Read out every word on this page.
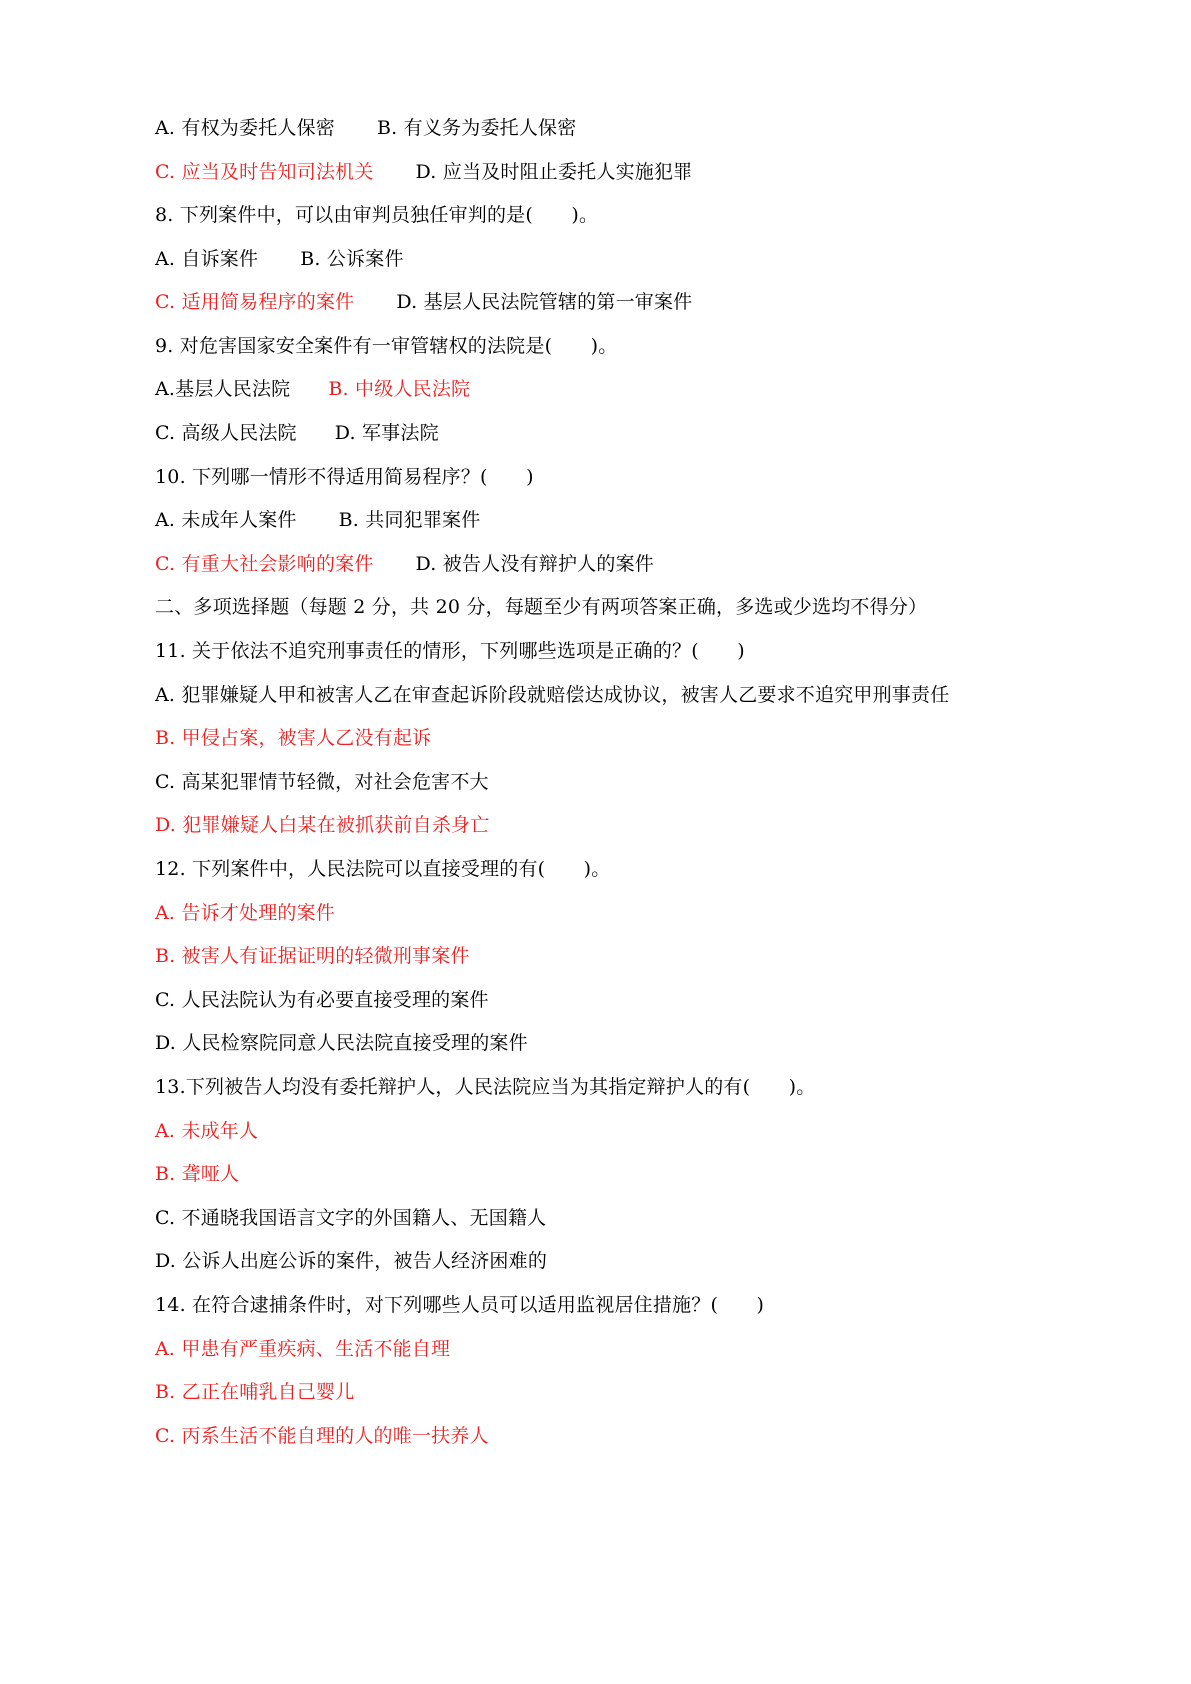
A. 有权为委托人保密 B. 有义务为委托人保密
C. 应当及时告知司法机关 D. 应当及时阻止委托人实施犯罪
8. 下列案件中，可以由审判员独任审判的是(　　)。
A. 自诉案件 B. 公诉案件
C. 适用简易程序的案件 D. 基层人民法院管辖的第一审案件
9. 对危害国家安全案件有一审管辖权的法院是(　　)。
A.基层人民法院 B. 中级人民法院
C. 高级人民法院 D. 军事法院
10. 下列哪一情形不得适用简易程序？(　　)
A. 未成年人案件 B. 共同犯罪案件
C. 有重大社会影响的案件 D. 被告人没有辩护人的案件
二、多项选择题（每题 2 分，共 20 分，每题至少有两项答案正确，多选或少选均不得分）
11. 关于依法不追究刑事责任的情形，下列哪些选项是正确的？(　　)
A. 犯罪嫌疑人甲和被害人乙在审查起诉阶段就赔偿达成协议，被害人乙要求不追究甲刑事责任
B. 甲侵占案，被害人乙没有起诉
C. 高某犯罪情节轻微，对社会危害不大
D. 犯罪嫌疑人白某在被抓获前自杀身亡
12. 下列案件中，人民法院可以直接受理的有(　　)。
A. 告诉才处理的案件
B. 被害人有证据证明的轻微刑事案件
C. 人民法院认为有必要直接受理的案件
D. 人民检察院同意人民法院直接受理的案件
13.下列被告人均没有委托辩护人，人民法院应当为其指定辩护人的有(　　)。
A. 未成年人
B. 聋哑人
C. 不通晓我国语言文字的外国籍人、无国籍人
D. 公诉人出庭公诉的案件，被告人经济困难的
14. 在符合逮捕条件时，对下列哪些人员可以适用监视居住措施？(　　)
A. 甲患有严重疾病、生活不能自理
B. 乙正在哺乳自己婴儿
C. 丙系生活不能自理的人的唯一扶养人
